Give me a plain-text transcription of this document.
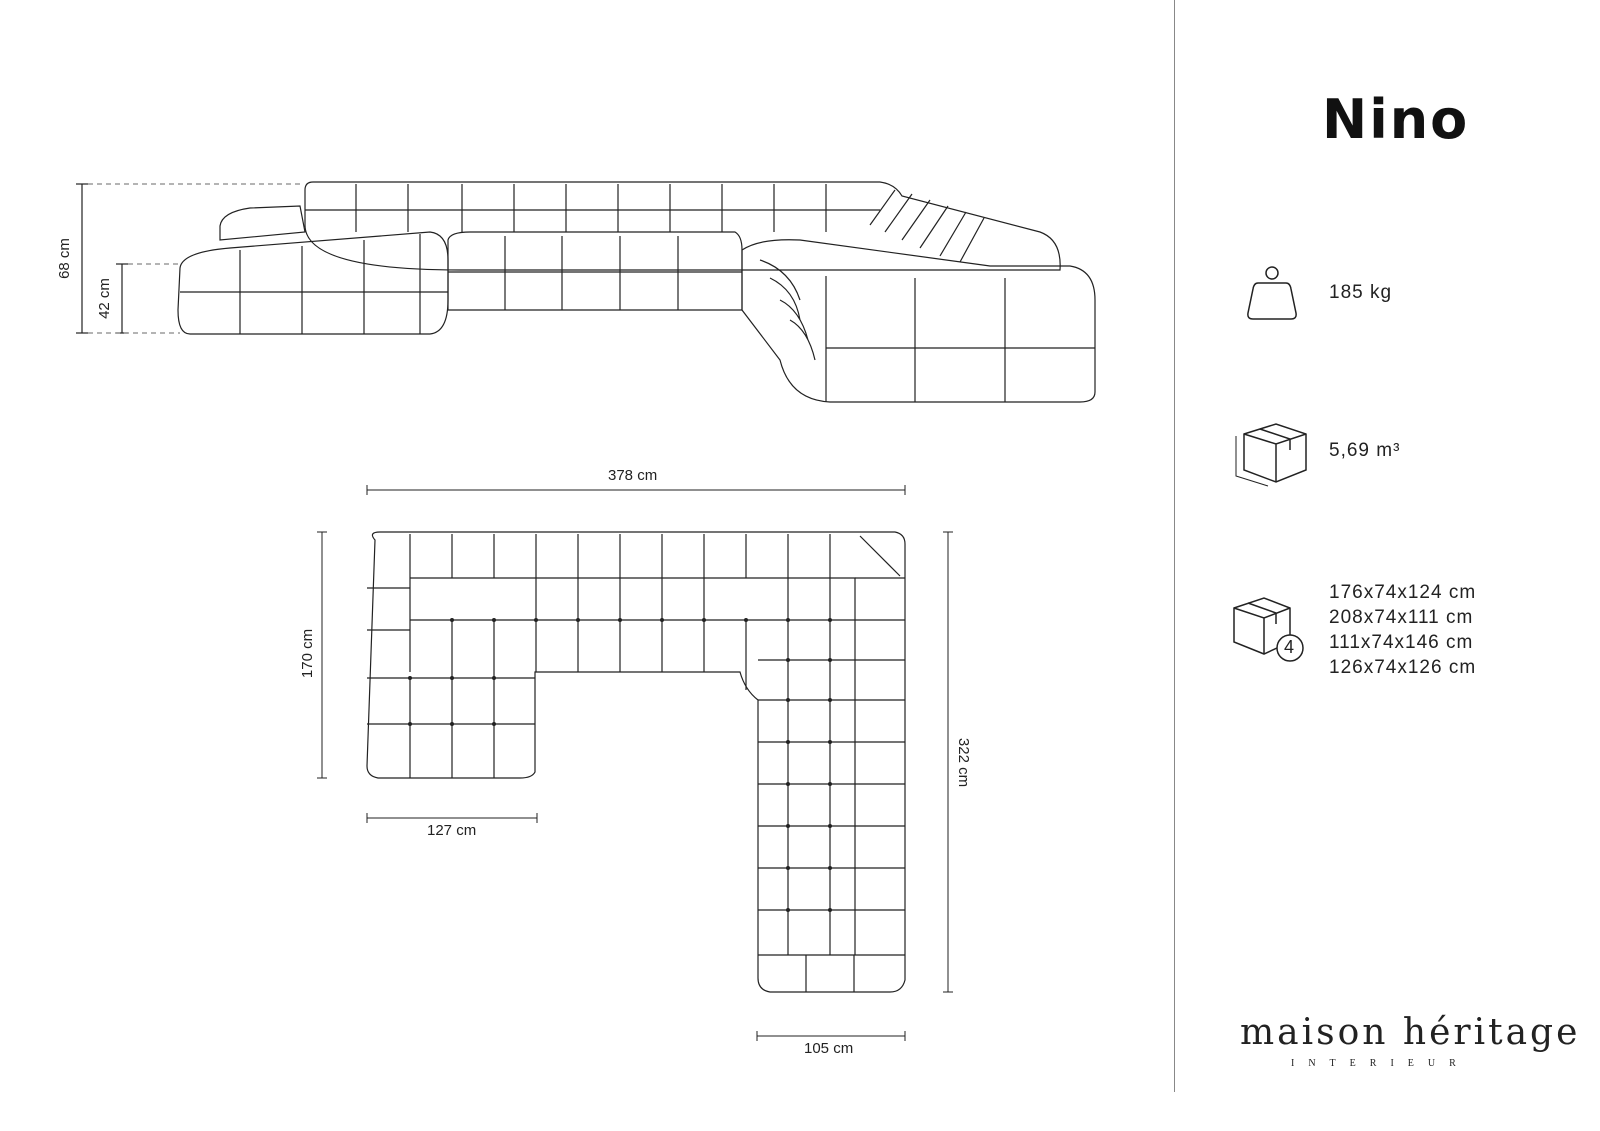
68 cm
42 cm
378 cm
170 cm
127 cm
322 cm
105 cm
Nino
185 kg
5,69 m³
4
176x74x124 cm
208x74x111 cm
111x74x146 cm
126x74x126 cm
maison héritage
INTERIEUR
